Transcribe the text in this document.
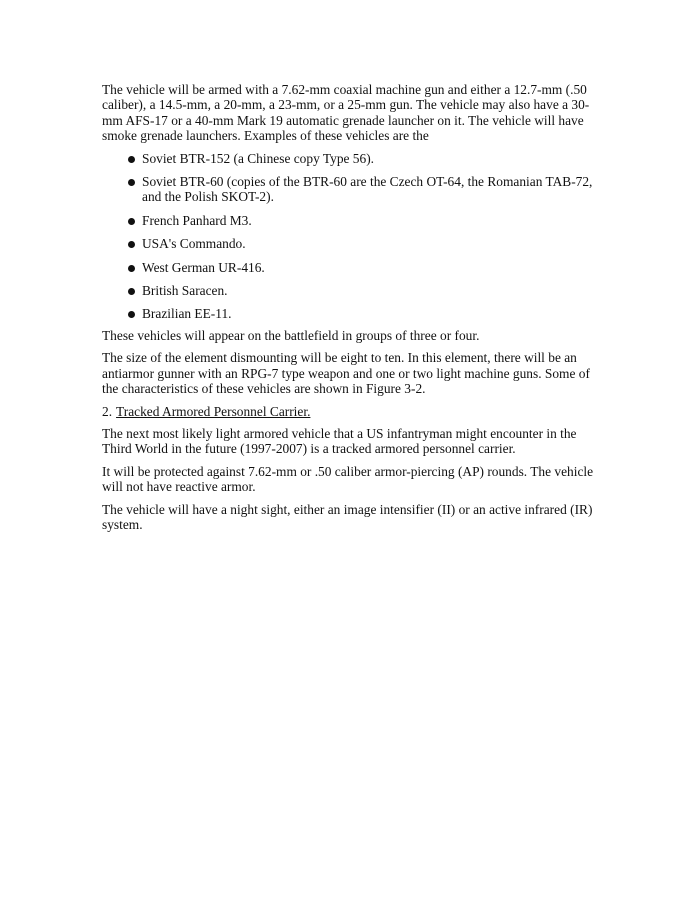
The vehicle will be armed with a 7.62-mm coaxial machine gun and either a 12.7-mm (.50 caliber), a 14.5-mm, a 20-mm, a 23-mm, or a 25-mm gun. The vehicle may also have a 30-mm AFS-17 or a 40-mm Mark 19 automatic grenade launcher on it. The vehicle will have smoke grenade launchers. Examples of these vehicles are the

Soviet BTR-152 (a Chinese copy Type 56).
Soviet BTR-60 (copies of the BTR-60 are the Czech OT-64, the Romanian TAB-72, and the Polish SKOT-2).
French Panhard M3.
USA's Commando.
West German UR-416.
British Saracen.
Brazilian EE-11.

These vehicles will appear on the battlefield in groups of three or four.

The size of the element dismounting will be eight to ten. In this element, there will be an antiarmor gunner with an RPG-7 type weapon and one or two light machine guns. Some of the characteristics of these vehicles are shown in Figure 3-2.

2. Tracked Armored Personnel Carrier.

The next most likely light armored vehicle that a US infantryman might encounter in the Third World in the future (1997-2007) is a tracked armored personnel carrier.

It will be protected against 7.62-mm or .50 caliber armor-piercing (AP) rounds. The vehicle will not have reactive armor.

The vehicle will have a night sight, either an image intensifier (II) or an active infrared (IR) system.
